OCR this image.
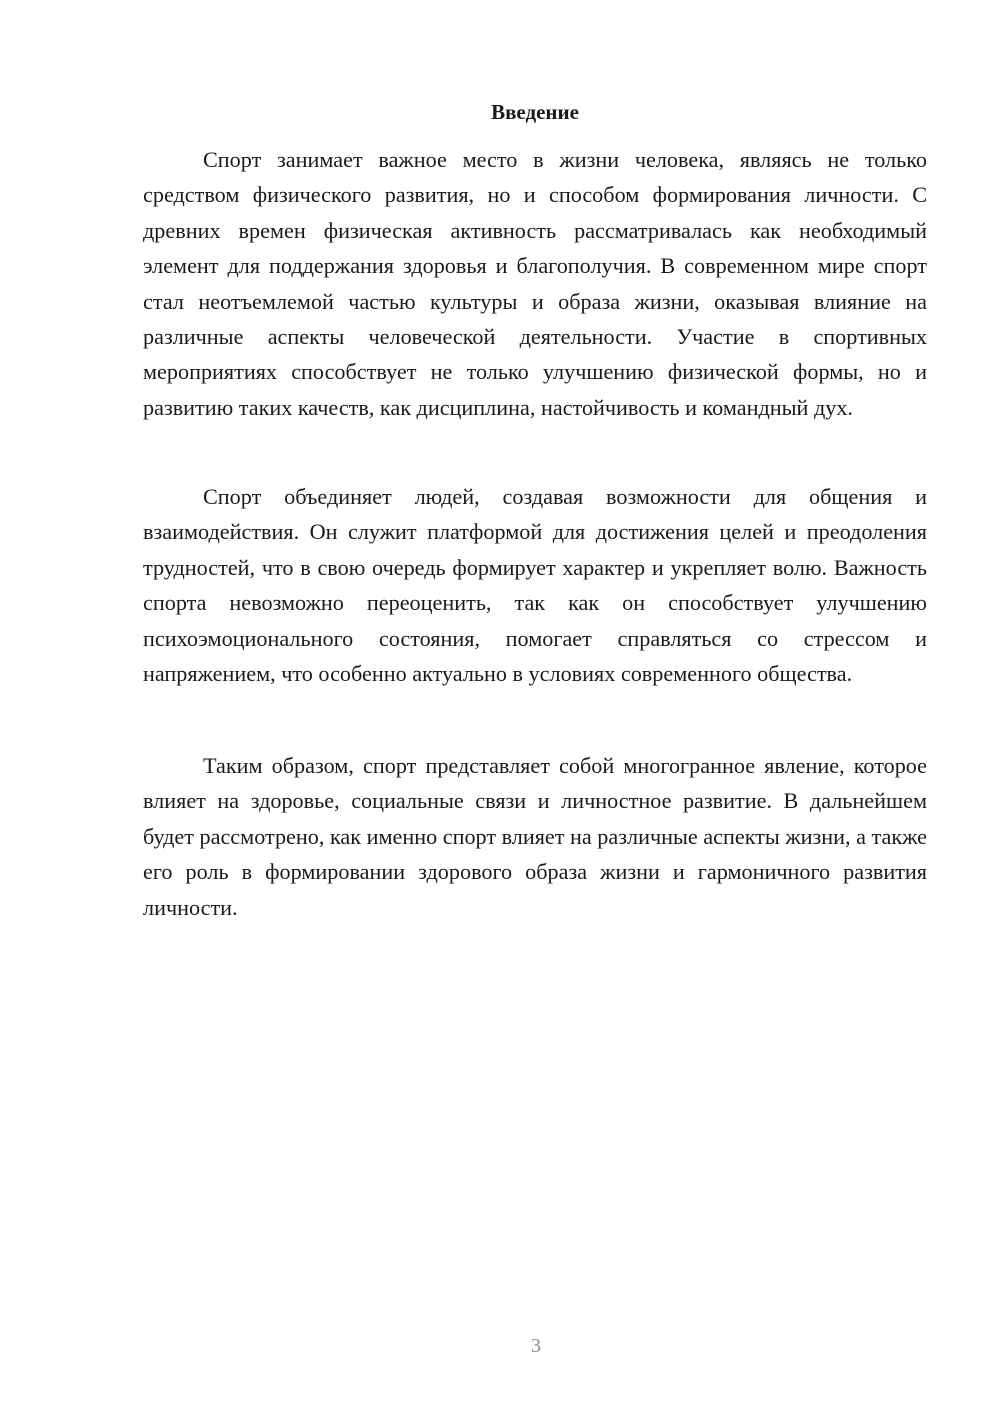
Введение

Спорт занимает важное место в жизни человека, являясь не только средством физического развития, но и способом формирования личности. С древних времен физическая активность рассматривалась как необходимый элемент для поддержания здоровья и благополучия. В современном мире спорт стал неотъемлемой частью культуры и образа жизни, оказывая влияние на различные аспекты человеческой деятельности. Участие в спортивных мероприятиях способствует не только улучшению физической формы, но и развитию таких качеств, как дисциплина, настойчивость и командный дух.

Спорт объединяет людей, создавая возможности для общения и взаимодействия. Он служит платформой для достижения целей и преодоления трудностей, что в свою очередь формирует характер и укрепляет волю. Важность спорта невозможно переоценить, так как он способствует улучшению психоэмоционального состояния, помогает справляться со стрессом и напряжением, что особенно актуально в условиях современного общества.

Таким образом, спорт представляет собой многогранное явление, которое влияет на здоровье, социальные связи и личностное развитие. В дальнейшем будет рассмотрено, как именно спорт влияет на различные аспекты жизни, а также его роль в формировании здорового образа жизни и гармоничного развития личности.

3
